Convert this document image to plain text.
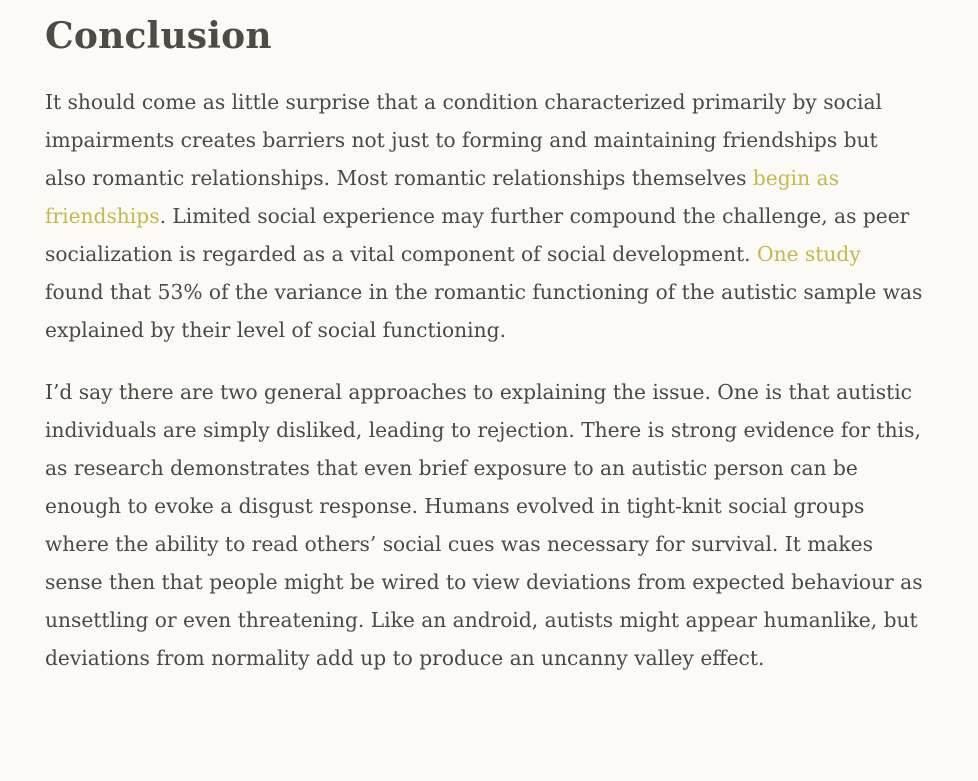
Conclusion

It should come as little surprise that a condition characterized primarily by social impairments creates barriers not just to forming and maintaining friendships but also romantic relationships. Most romantic relationships themselves begin as friendships. Limited social experience may further compound the challenge, as peer socialization is regarded as a vital component of social development. One study found that 53% of the variance in the romantic functioning of the autistic sample was explained by their level of social functioning.

I’d say there are two general approaches to explaining the issue. One is that autistic individuals are simply disliked, leading to rejection. There is strong evidence for this, as research demonstrates that even brief exposure to an autistic person can be enough to evoke a disgust response. Humans evolved in tight-knit social groups where the ability to read others’ social cues was necessary for survival. It makes sense then that people might be wired to view deviations from expected behaviour as unsettling or even threatening. Like an android, autists might appear humanlike, but deviations from normality add up to produce an uncanny valley effect.
